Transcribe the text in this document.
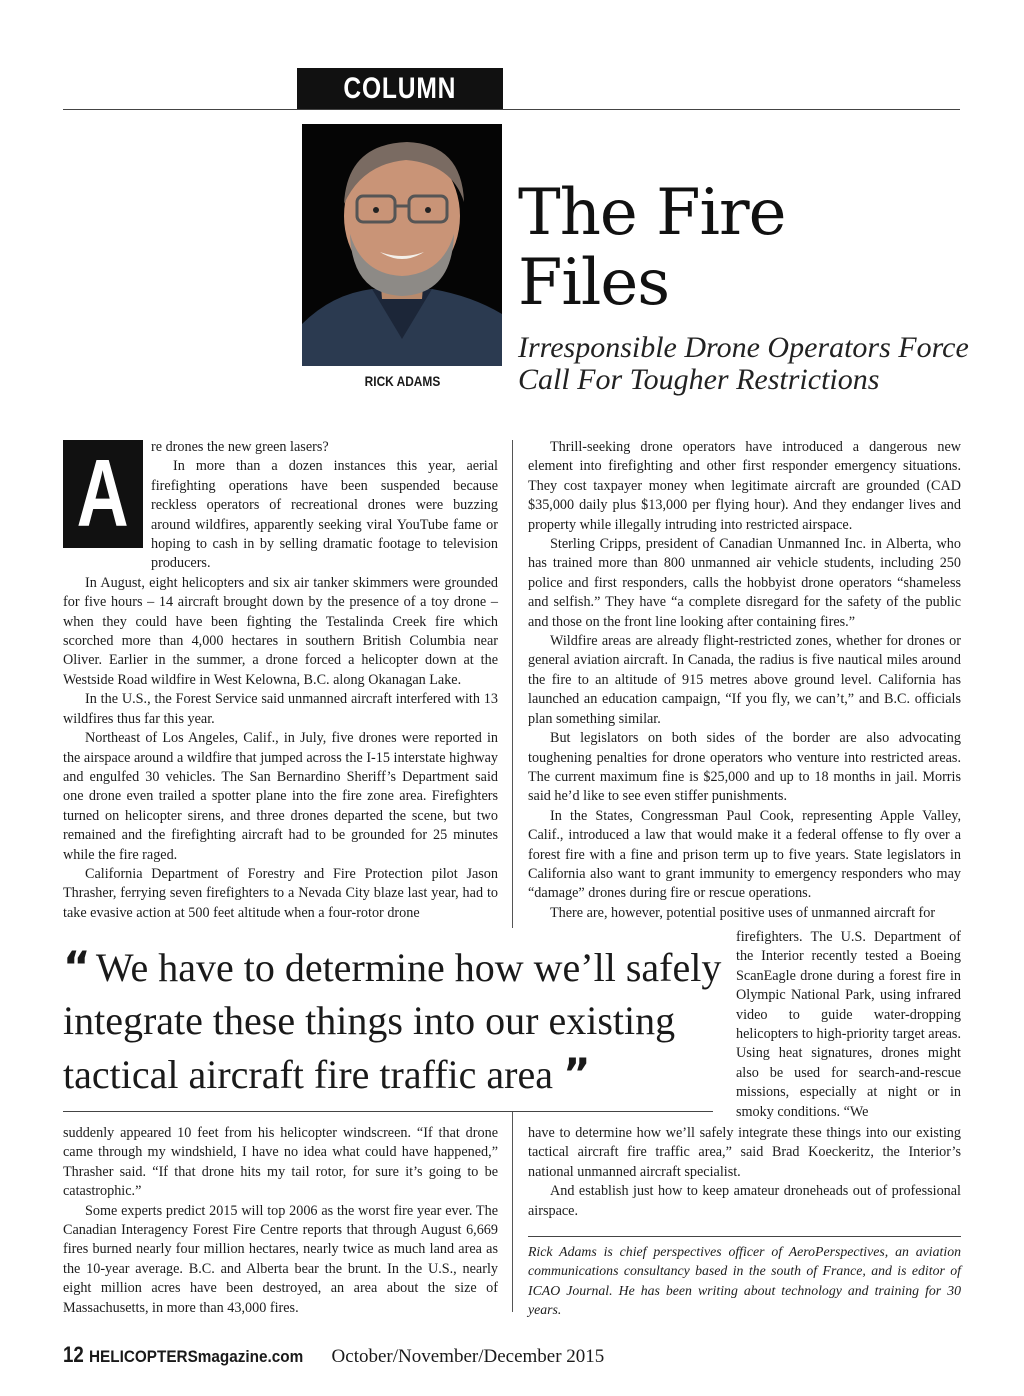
COLUMN
RICK ADAMS
The Fire
Files
Irresponsible Drone Operators Force
Call For Tougher Restrictions
A	re drones the new green lasers?

In more than a dozen instances this year, aerial firefighting operations have been suspended because reckless operators of recreational drones were buzzing around wildfires, apparently seeking viral YouTube fame or hoping to cash in by selling dramatic footage to television producers.

In August, eight helicopters and six air tanker skimmers were grounded for five hours – 14 aircraft brought down by the presence of a toy drone – when they could have been fighting the Testalinda Creek fire which scorched more than 4,000 hectares in southern British Columbia near Oliver. Earlier in the summer, a drone forced a helicopter down at the Westside Road wildfire in West Kelowna, B.C. along Okanagan Lake.

In the U.S., the Forest Service said unmanned aircraft interfered with 13 wildfires thus far this year.

Northeast of Los Angeles, Calif., in July, five drones were reported in the airspace around a wildfire that jumped across the I-15 interstate highway and engulfed 30 vehicles. The San Bernardino Sheriff’s Department said one drone even trailed a spotter plane into the fire zone area. Firefighters turned on helicopter sirens, and three drones departed the scene, but two remained and the firefighting aircraft had to be grounded for 25 minutes while the fire raged.

California Department of Forestry and Fire Protection pilot Jason Thrasher, ferrying seven firefighters to a Nevada City blaze last year, had to take evasive action at 500 feet altitude when a four-rotor drone

Thrill-seeking drone operators have introduced a dangerous new element into firefighting and other first responder emergency situations. They cost taxpayer money when legitimate aircraft are grounded (CAD $35,000 daily plus $13,000 per flying hour). And they endanger lives and property while illegally intruding into restricted airspace.

Sterling Cripps, president of Canadian Unmanned Inc. in Alberta, who has trained more than 800 unmanned air vehicle students, including 250 police and first responders, calls the hobbyist drone operators “shameless and selfish.” They have “a complete disregard for the safety of the public and those on the front line looking after containing fires.”

Wildfire areas are already flight-restricted zones, whether for drones or general aviation aircraft. In Canada, the radius is five nautical miles around the fire to an altitude of 915 metres above ground level. California has launched an education campaign, “If you fly, we can’t,” and B.C. officials plan something similar.

But legislators on both sides of the border are also advocating toughening penalties for drone operators who venture into restricted areas. The current maximum fine is $25,000 and up to 18 months in jail. Morris said he’d like to see even stiffer punishments.

In the States, Congressman Paul Cook, representing Apple Valley, Calif., introduced a law that would make it a federal offense to fly over a forest fire with a fine and prison term up to five years. State legislators in California also want to grant immunity to emergency responders who may “damage” drones during fire or rescue operations.

There are, however, potential positive uses of unmanned aircraft for

firefighters. The U.S. Department of the Interior recently tested a Boeing ScanEagle drone during a forest fire in Olympic National Park, using infrared video to guide water-dropping helicopters to high-priority target areas. Using heat signatures, drones might also be used for search-and-rescue missions, especially at night or in smoky conditions. “We

“ We have to determine how we’ll safely integrate these things into our existing tactical aircraft fire traffic area ”

suddenly appeared 10 feet from his helicopter windscreen. “If that drone came through my windshield, I have no idea what could have happened,” Thrasher said. “If that drone hits my tail rotor, for sure it’s going to be catastrophic.”

Some experts predict 2015 will top 2006 as the worst fire year ever. The Canadian Interagency Forest Fire Centre reports that through August 6,669 fires burned nearly four million hectares, nearly twice as much land area as the 10-year average. B.C. and Alberta bear the brunt. In the U.S., nearly eight million acres have been destroyed, an area about the size of Massachusetts, in more than 43,000 fires.

have to determine how we’ll safely integrate these things into our existing tactical aircraft fire traffic area,” said Brad Koeckeritz, the Interior’s national unmanned aircraft specialist.

And establish just how to keep amateur droneheads out of professional airspace.

Rick Adams is chief perspectives officer of AeroPerspectives, an aviation communications consultancy based in the south of France, and is editor of ICAO Journal. He has been writing about technology and training for 30 years.
12 HELICOPTERSmagazine.com October/November/December 2015
